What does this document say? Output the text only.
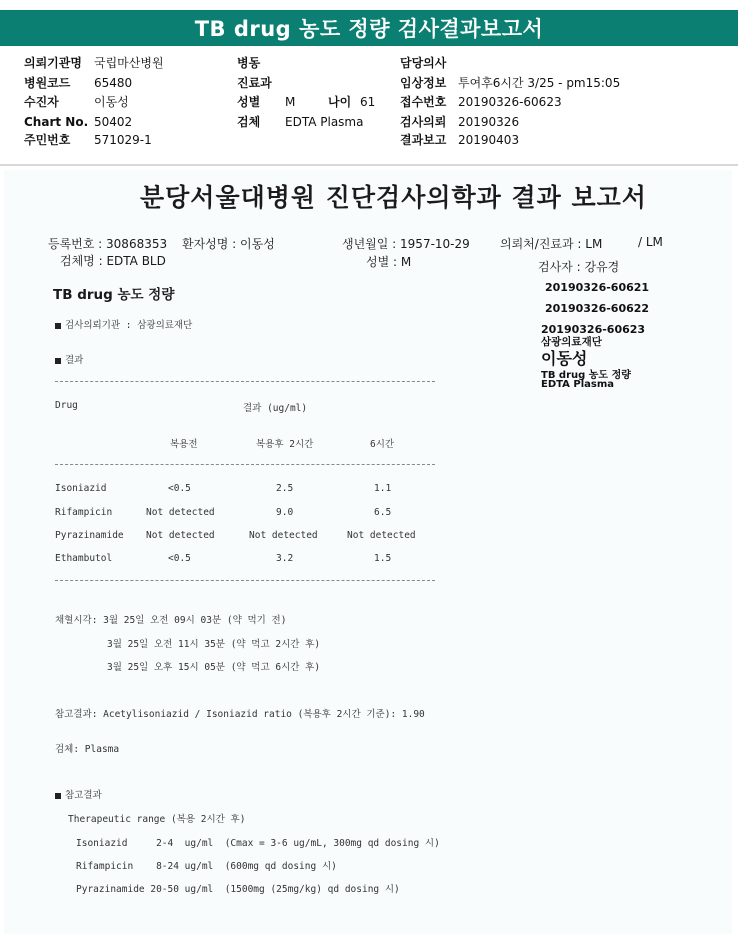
TB drug 농도 정량 검사결과보고서
의뢰기관명 국립마산병원
병원코드 65480
수진자	이동성
Chart No. 50402
주민번호 571029-1
병동
진료과
성별 M	나이 61
검체 EDTA Plasma
담당의사
임상정보 투여후6시간 3/25 - pm15:05
접수번호 20190326-60623
검사의뢰 20190326
결과보고 20190403
분당서울대병원 진단검사의학과 결과 보고서
등록번호 : 30868353 환자성명 : 이동성	생년월일 : 1957-10-29	의뢰처/진료과 : LM	/ LM
검체명 : EDTA BLD	성별 : M	검사자 : 강유경
TB drug 농도 정량
검사의뢰기관 : 삼광의료재단
결과
Drug	결과 (ug/ml)
복용전	복용후 2시간	6시간
Isoniazid	<0.5	2.5	1.1
Rifampicin	Not detected	9.0	6.5
Pyrazinamide Not detected	Not detected	Not detected
Ethambutol	<0.5	3.2	1.5
채혈시각: 3월 25일 오전 09시 03분 (약 먹기 전)
3월 25일 오전 11시 35분 (약 먹고 2시간 후)
3월 25일 오후 15시 05분 (약 먹고 6시간 후)
참고결과: Acetylisoniazid / Isoniazid ratio (복용후 2시간 기준): 1.90
검체: Plasma
참고결과
Therapeutic range (복용 2시간 후)
Isoniazid     2-4  ug/ml  (Cmax = 3-6 ug/mL, 300mg qd dosing 시)
Rifampicin    8-24 ug/ml  (600mg qd dosing 시)
Pyrazinamide 20-50 ug/ml  (1500mg (25mg/kg) qd dosing 시)
20190326-60621
20190326-60622
20190326-60623
삼광의료재단
이동성
TB drug 농도 정량
EDTA Plasma
